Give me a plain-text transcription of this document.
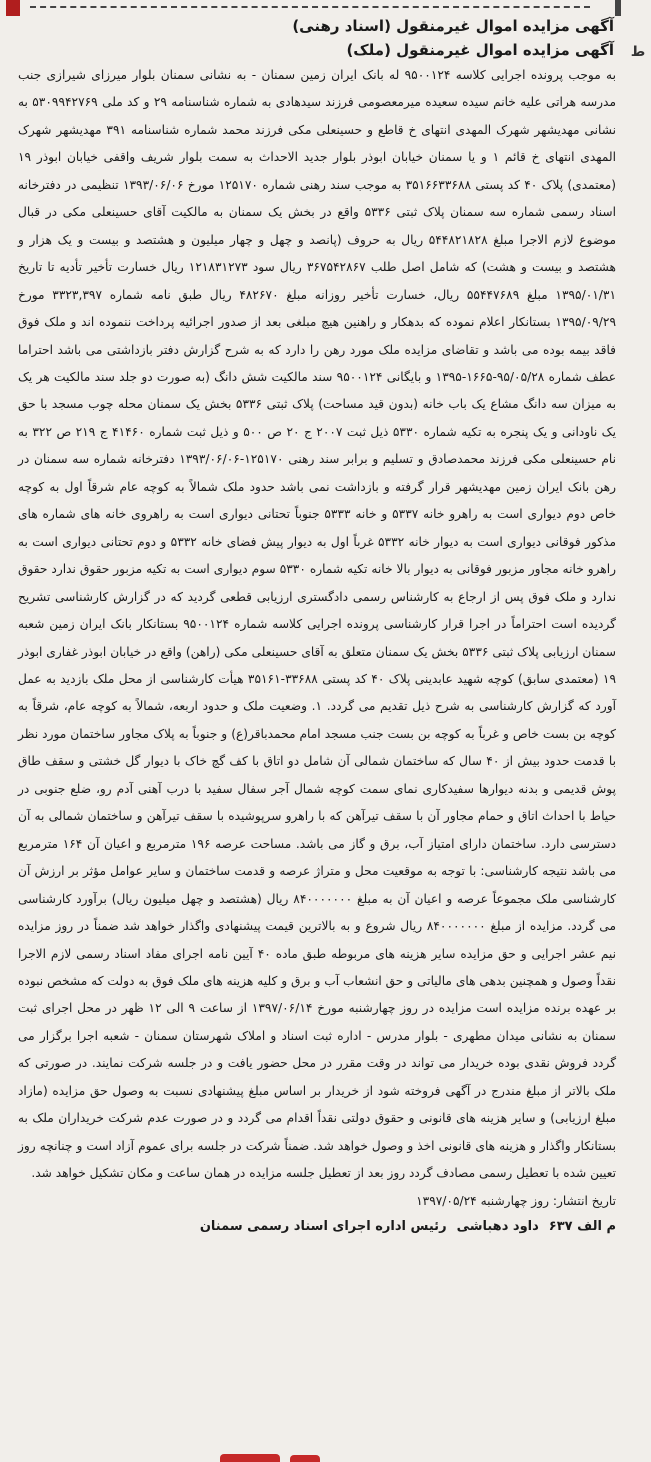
آگهی مزایده اموال غیرمنقول (اسناد رهنی)
آگهی مزایده اموال غیرمنقول (ملک)

به موجب پرونده اجرایی کلاسه ۹۵۰۰۱۲۴ له بانک ایران زمین سمنان - به نشانی سمنان بلوار میرزای شیرازی جنب مدرسه هراتی علیه خانم سیده سعیده میرمعصومی فرزند سیدهادی به شماره شناسنامه ۲۹ و کد ملی ۵۳۰۹۹۴۲۷۶۹ به نشانی مهدیشهر شهرک المهدی انتهای خ قاطع و حسینعلی مکی فرزند محمد شماره شناسنامه ۳۹۱ مهدیشهر شهرک المهدی انتهای خ قائم ۱ و یا سمنان خیابان ابوذر بلوار جدید الاحداث به سمت بلوار شریف واقفی خیابان ابوذر ۱۹ (معتمدی) پلاک ۴۰ کد پستی ۳۵۱۶۶۳۳۶۸۸ به موجب سند رهنی شماره ۱۲۵۱۷۰ مورخ ۱۳۹۳/۰۶/۰۶ تنظیمی در دفترخانه اسناد رسمی شماره سه سمنان پلاک ثبتی ۵۳۳۶ واقع در بخش یک سمنان به مالکیت آقای حسینعلی مکی در قبال موضوع لازم الاجرا مبلغ ۵۴۴۸۲۱۸۲۸ ریال به حروف (پانصد و چهل و چهار میلیون و هشتصد و بیست و یک هزار و هشتصد و بیست و هشت) که شامل اصل طلب ۳۶۷۵۴۲۸۶۷ ریال سود ۱۲۱۸۳۱۲۷۳ ریال خسارت تأخیر تأدیه تا تاریخ ۱۳۹۵/۰۱/۳۱ مبلغ ۵۵۴۴۷۶۸۹ ریال، خسارت تأخیر روزانه مبلغ ۴۸۲۶۷۰ ریال طبق نامه شماره ۳۳۲۳,۳۹۷ مورخ ۱۳۹۵/۰۹/۲۹ بستانکار اعلام نموده که بدهکار و راهنین هیچ مبلغی بعد از صدور اجرائیه پرداخت ننموده اند و ملک فوق فاقد بیمه بوده می باشد و تقاضای مزایده ملک مورد رهن را دارد که به شرح گزارش دفتر بازداشتی می باشد احتراما عطف شماره ۹۵/۰۵/۲۸-۱۶۶۵-۱۳۹۵ و بایگانی ۹۵۰۰۱۲۴ سند مالکیت شش دانگ (به صورت دو جلد سند مالکیت هر یک به میزان سه دانگ مشاع یک باب خانه (بدون قید مساحت) پلاک ثبتی ۵۳۳۶ بخش یک سمنان محله چوب مسجد با حق یک ناودانی و یک پنجره به تکیه شماره ۵۳۳۰ ذیل ثبت ۲۰۰۷ ج ۲۰ ص ۵۰۰ و ذیل ثبت شماره ۴۱۴۶۰ ج ۲۱۹ ص ۳۲۲ به نام حسینعلی مکی فرزند محمدصادق و تسلیم و برابر سند رهنی ۱۲۵۱۷۰-۱۳۹۳/۰۶/۰۶ دفترخانه شماره سه سمنان در رهن بانک ایران زمین مهدیشهر قرار گرفته و بازداشت نمی باشد حدود ملک شمالاً به کوچه عام شرقاً اول به کوچه خاص دوم دیواری است به راهرو خانه ۵۳۳۷ و خانه ۵۳۳۳ جنوباً تحتانی دیواری است به راهروی خانه های شماره های مذکور فوقانی دیواری است به دیوار خانه ۵۳۳۲ غرباً اول به دیوار پیش فضای خانه ۵۳۳۲ و دوم تحتانی دیواری است به راهرو خانه مجاور مزبور فوقانی به دیوار بالا خانه تکیه شماره ۵۳۳۰ سوم دیواری است به تکیه مزبور حقوق ندارد حقوق ندارد و ملک فوق پس از ارجاع به کارشناس رسمی دادگستری ارزیابی قطعی گردید که در گزارش کارشناسی تشریح گردیده است احتراماً در اجرا قرار کارشناسی پرونده اجرایی کلاسه شماره ۹۵۰۰۱۲۴ بستانکار بانک ایران زمین شعبه سمنان ارزیابی پلاک ثبتی ۵۳۳۶ بخش یک سمنان متعلق به آقای حسینعلی مکی (راهن) واقع در خیابان ابوذر غفاری ابوذر ۱۹ (معتمدی سابق) کوچه شهید عابدینی پلاک ۴۰ کد پستی ۳۳۶۸۸-۳۵۱۶۱ هیأت کارشناسی از محل ملک بازدید به عمل آورد که گزارش کارشناسی به شرح ذیل تقدیم می گردد. ۱. وضعیت ملک و حدود اربعه، شمالاً به کوچه عام، شرقاً به کوچه بن بست خاص و غرباً به کوچه بن بست جنب مسجد امام محمدباقر(ع) و جنوباً به پلاک مجاور ساختمان مورد نظر با قدمت حدود بیش از ۴۰ سال که ساختمان شمالی آن شامل دو اتاق با کف گچ خاک با دیوار گل خشتی و سقف طاق پوش قدیمی و بدنه دیوارها سفیدکاری نمای سمت کوچه شمال آجر سفال سفید با درب آهنی آدم رو، ضلع جنوبی در حیاط با احداث اتاق و حمام مجاور آن با سقف تیرآهن که با راهرو سرپوشیده با سقف تیرآهن و ساختمان شمالی به آن دسترسی دارد. ساختمان دارای امتیاز آب، برق و گاز می باشد. مساحت عرصه ۱۹۶ مترمربع و اعیان آن ۱۶۴ مترمربع می باشد نتیجه کارشناسی: با توجه به موقعیت محل و متراژ عرصه و قدمت ساختمان و سایر عوامل مؤثر بر ارزش آن کارشناسی ملک مجموعاً عرصه و اعیان آن به مبلغ ۸۴۰۰۰۰۰۰۰ ریال (هشتصد و چهل میلیون ریال) برآورد کارشناسی می گردد. مزایده از مبلغ ۸۴۰۰۰۰۰۰۰ ریال شروع و به بالاترین قیمت پیشنهادی واگذار خواهد شد ضمناً در روز مزایده نیم عشر اجرایی و حق مزایده سایر هزینه های مربوطه طبق ماده ۴۰ آیین نامه اجرای مفاد اسناد رسمی لازم الاجرا نقداً وصول و همچنین بدهی های مالیاتی و حق انشعاب آب و برق و کلیه هزینه های ملک فوق به دولت که مشخص نبوده بر عهده برنده مزایده است مزایده در روز چهارشنبه مورخ ۱۳۹۷/۰۶/۱۴ از ساعت ۹ الی ۱۲ ظهر در محل اجرای ثبت سمنان به نشانی میدان مطهری - بلوار مدرس - اداره ثبت اسناد و املاک شهرستان سمنان - شعبه اجرا برگزار می گردد فروش نقدی بوده خریدار می تواند در وقت مقرر در محل حضور یافت و در جلسه شرکت نمایند. در صورتی که ملک بالاتر از مبلغ مندرج در آگهی فروخته شود از خریدار بر اساس مبلغ پیشنهادی نسبت به وصول حق مزایده (مازاد مبلغ ارزیابی) و سایر هزینه های قانونی و حقوق دولتی نقداً اقدام می گردد و در صورت عدم شرکت خریداران ملک به بستانکار واگذار و هزینه های قانونی اخذ و وصول خواهد شد. ضمناً شرکت در جلسه برای عموم آزاد است و چنانچه روز تعیین شده با تعطیل رسمی مصادف گردد روز بعد از تعطیل جلسه مزایده در همان ساعت و مکان تشکیل خواهد شد.

تاریخ انتشار: روز چهارشنبه ۱۳۹۷/۰۵/۲۴
م الف ۶۳۷داود دهباشیرئیس اداره اجرای اسناد رسمی سمنان
ط
